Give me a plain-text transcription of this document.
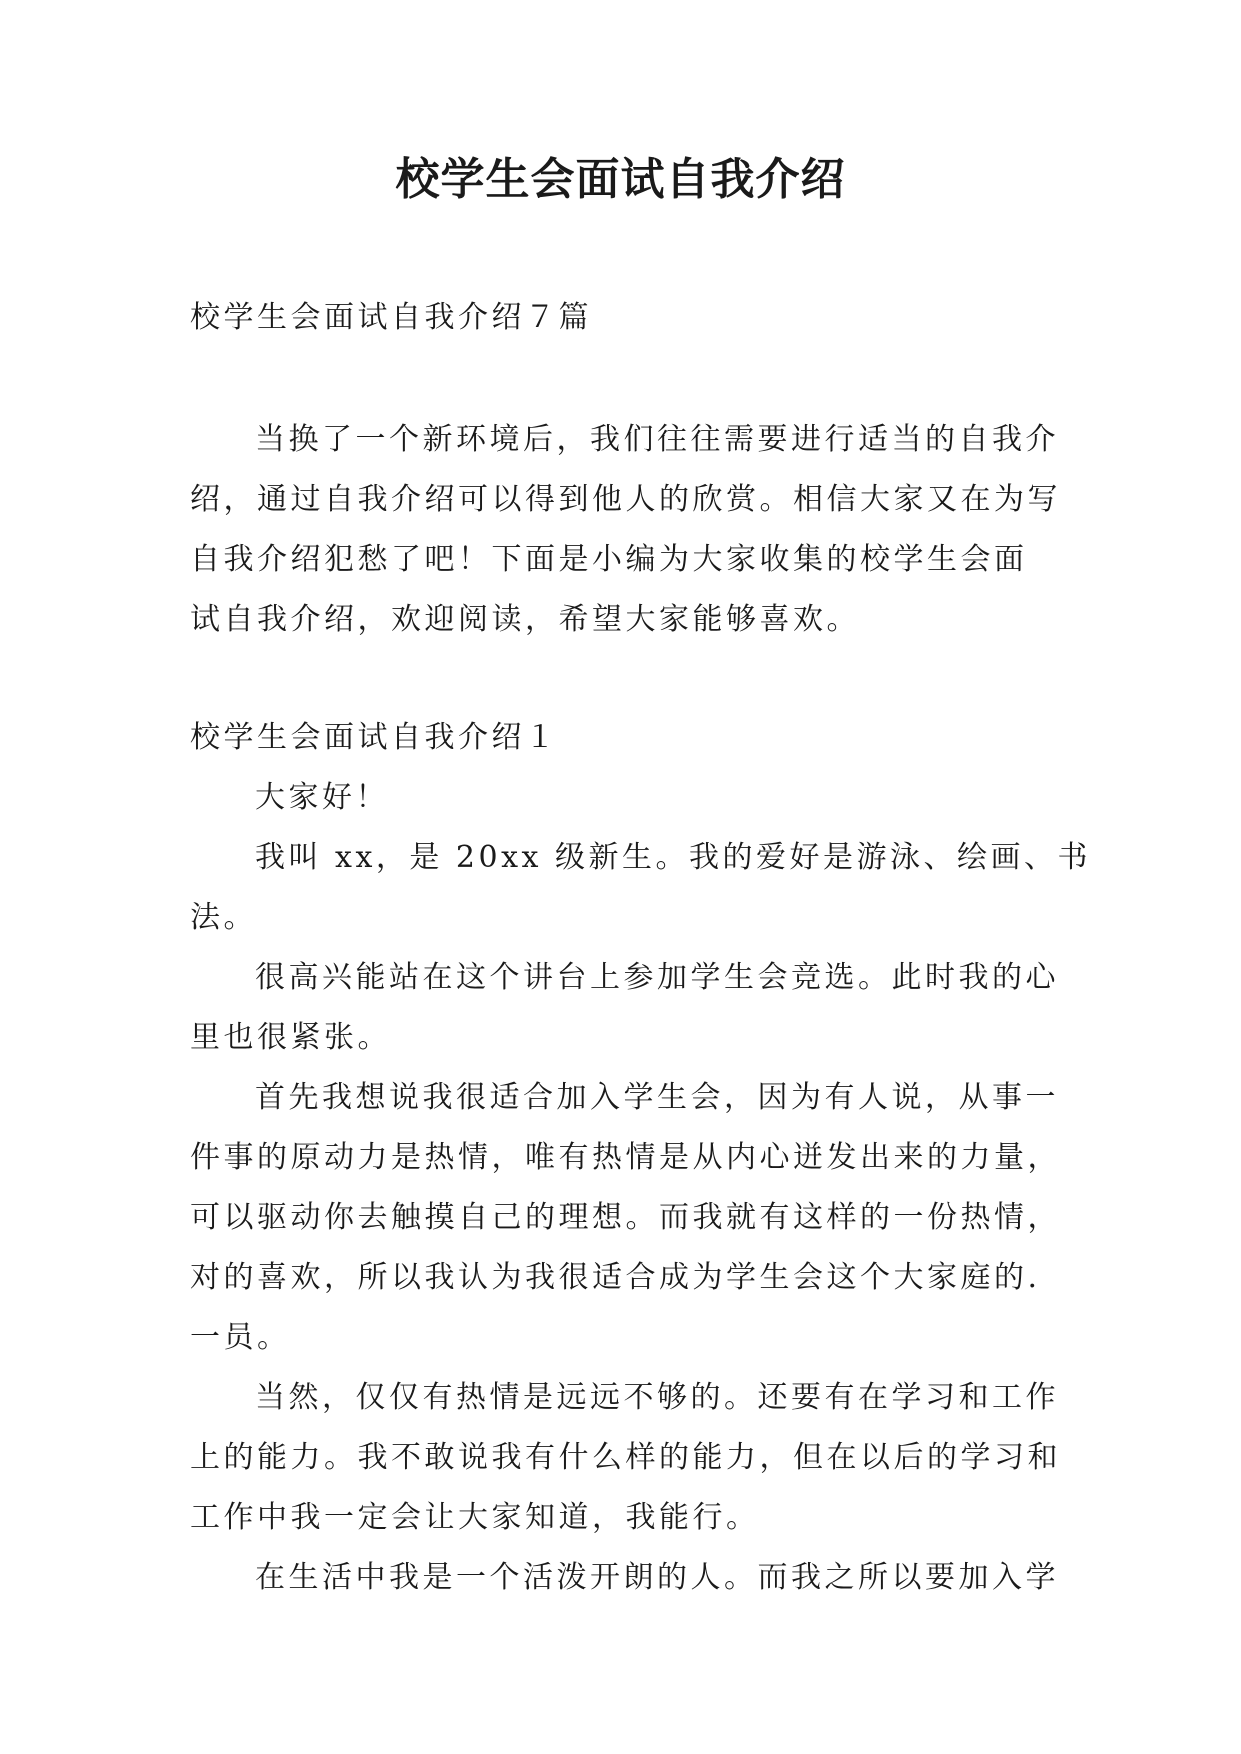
校学生会面试自我介绍

校学生会面试自我介绍７篇

当换了一个新环境后，我们往往需要进行适当的自我介

绍，通过自我介绍可以得到他人的欣赏。相信大家又在为写

自我介绍犯愁了吧！下面是小编为大家收集的校学生会面

试自我介绍，欢迎阅读，希望大家能够喜欢。

校学生会面试自我介绍１

大家好！

我叫 xx，是 20xx 级新生。我的爱好是游泳、绘画、书

法。

很高兴能站在这个讲台上参加学生会竞选。此时我的心

里也很紧张。

首先我想说我很适合加入学生会，因为有人说，从事一

件事的原动力是热情，唯有热情是从内心迸发出来的力量，

可以驱动你去触摸自己的理想。而我就有这样的一份热情，

对的喜欢，所以我认为我很适合成为学生会这个大家庭的.

一员。

当然，仅仅有热情是远远不够的。还要有在学习和工作

上的能力。我不敢说我有什么样的能力，但在以后的学习和

工作中我一定会让大家知道，我能行。

在生活中我是一个活泼开朗的人。而我之所以要加入学
